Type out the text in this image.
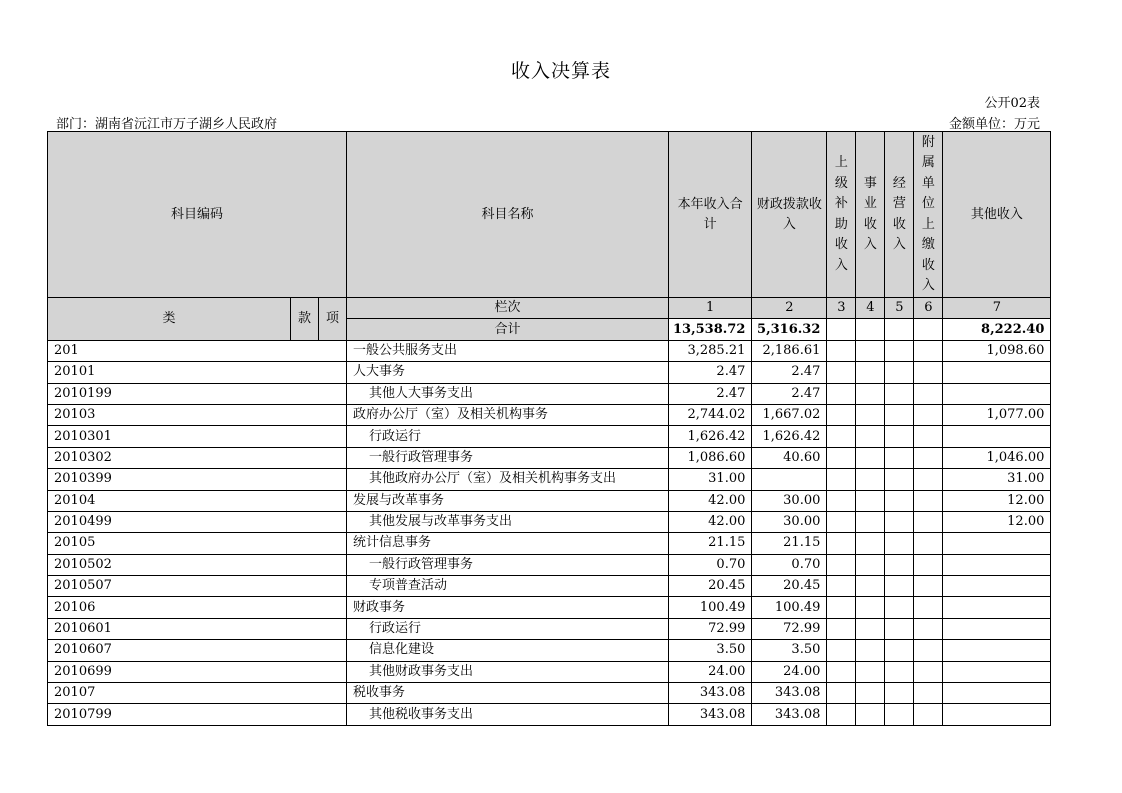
收入决算表
公开02表
部门：湖南省沅江市万子湖乡人民政府	金额单位：万元
科目编码			科目名称	本年收入合计	财政拨款收入	上级补助收入	事业收入	经营收入	附属单位上缴收入	其他收入
类	款	项	栏次	1	2	3	4	5	6	7
			合计	13,538.72	5,316.32					8,222.40
201			一般公共服务支出	3,285.21	2,186.61					1,098.60
20101			人大事务	2.47	2.47					
2010199			其他人大事务支出	2.47	2.47					
20103			政府办公厅（室）及相关机构事务	2,744.02	1,667.02					1,077.00
2010301			行政运行	1,626.42	1,626.42					
2010302			一般行政管理事务	1,086.60	40.60					1,046.00
2010399			其他政府办公厅（室）及相关机构事务支出	31.00						31.00
20104			发展与改革事务	42.00	30.00					12.00
2010499			其他发展与改革事务支出	42.00	30.00					12.00
20105			统计信息事务	21.15	21.15					
2010502			一般行政管理事务	0.70	0.70					
2010507			专项普查活动	20.45	20.45					
20106			财政事务	100.49	100.49					
2010601			行政运行	72.99	72.99					
2010607			信息化建设	3.50	3.50					
2010699			其他财政事务支出	24.00	24.00					
20107			税收事务	343.08	343.08					
2010799			其他税收事务支出	343.08	343.08					
